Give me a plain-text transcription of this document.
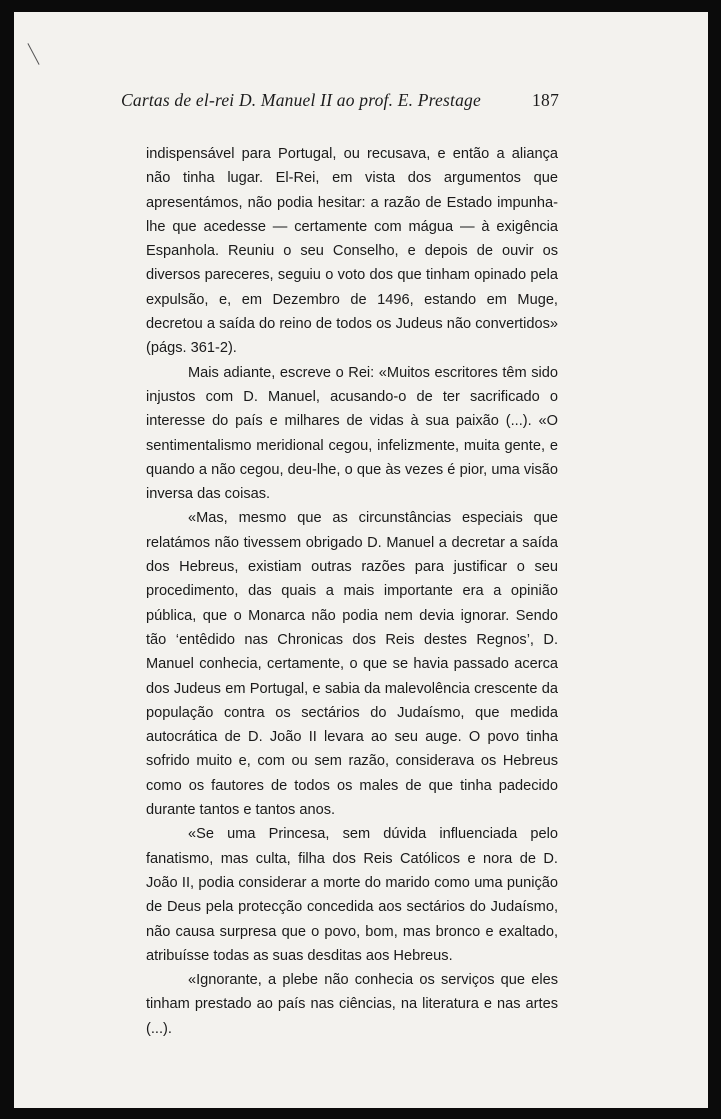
Cartas de el-rei D. Manuel II ao prof. E. Prestage	187

indispensável para Portugal, ou recusava, e então a aliança não tinha lugar. El-Rei, em vista dos argumentos que apresentámos, não podia hesitar: a razão de Estado impunha-lhe que acedesse — certamente com mágua — à exigência Espanhola. Reuniu o seu Conselho, e depois de ouvir os diversos pareceres, seguiu o voto dos que tinham opinado pela expulsão, e, em Dezembro de 1496, estando em Muge, decretou a saída do reino de todos os Judeus não convertidos» (págs. 361-2).

Mais adiante, escreve o Rei: «Muitos escritores têm sido injustos com D. Manuel, acusando-o de ter sacrificado o interesse do país e milhares de vidas à sua paixão (...). «O sentimentalismo meridional cegou, infelizmente, muita gente, e quando a não cegou, deu-lhe, o que às vezes é pior, uma visão inversa das coisas.

«Mas, mesmo que as circunstâncias especiais que relatámos não tivessem obrigado D. Manuel a decretar a saída dos Hebreus, existiam outras razões para justificar o seu procedimento, das quais a mais importante era a opinião pública, que o Monarca não podia nem devia ignorar. Sendo tão ‘entêdido nas Chronicas dos Reis destes Regnos’, D. Manuel conhecia, certamente, o que se havia passado acerca dos Judeus em Portugal, e sabia da malevolência crescente da população contra os sectários do Judaísmo, que medida autocrática de D. João II levara ao seu auge. O povo tinha sofrido muito e, com ou sem razão, considerava os Hebreus como os fautores de todos os males de que tinha padecido durante tantos e tantos anos.

«Se uma Princesa, sem dúvida influenciada pelo fanatismo, mas culta, filha dos Reis Católicos e nora de D. João II, podia considerar a morte do marido como uma punição de Deus pela protecção concedida aos sectários do Judaísmo, não causa surpresa que o povo, bom, mas bronco e exaltado, atribuísse todas as suas desditas aos Hebreus.

«Ignorante, a plebe não conhecia os serviços que eles tinham prestado ao país nas ciências, na literatura e nas artes (...).
